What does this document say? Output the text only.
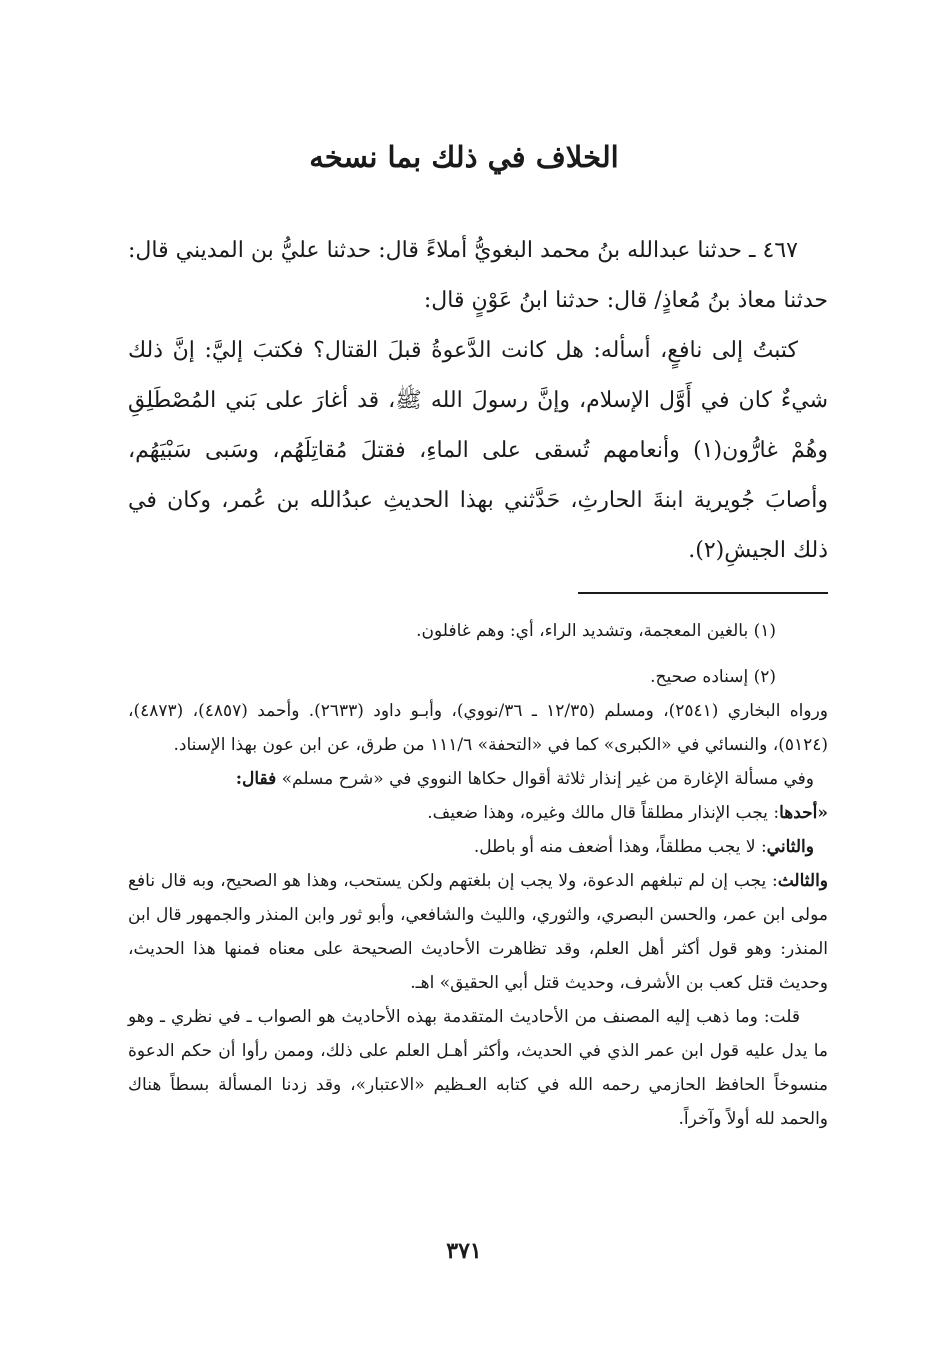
الخلاف في ذلك بما نسخه

٤٦٧ ـ حدثنا عبدالله بنُ محمد البغويُّ أملاءً قال: حدثنا عليُّ بن المديني قال: حدثنا معاذ بنُ مُعاذٍ/ قال: حدثنا ابنُ عَوْنٍ قال:

كتبتُ إلى نافعٍ، أسأله: هل كانت الدَّعوةُ قبلَ القتال؟ فكتبَ إليَّ: إنَّ ذلك شيءٌ كان في أَوَّل الإسلام، وإنَّ رسولَ الله ﷺ، قد أغارَ على بَني المُصْطَلِقِ وهُمْ غارُّون(١) وأنعامهم تُسقى على الماءِ، فقتلَ مُقاتِلَهُم، وسَبى سَبْيَهُم، وأصابَ جُويرية ابنةَ الحارثِ، حَدَّثني بهذا الحديثِ عبدُالله بن عُمر، وكان في ذلك الجيشِ(٢).

(١) بالغين المعجمة، وتشديد الراء، أي: وهم غافلون.

(٢) إسناده صحيح.

ورواه البخاري (٢٥٤١)، ومسلم (١٢/٣٥ ـ ٣٦/نووي)، وأبـو داود (٢٦٣٣). وأحمد (٤٨٥٧)، (٤٨٧٣)، (٥١٢٤)، والنسائي في «الكبرى» كما في «التحفة» ١١١/٦ من طرق، عن ابن عون بهذا الإسناد.

وفي مسألة الإغارة من غير إنذار ثلاثة أقوال حكاها النووي في «شرح مسلم» فقال:

«أحدها: يجب الإنذار مطلقاً قال مالك وغيره، وهذا ضعيف.

والثاني: لا يجب مطلقاً، وهذا أضعف منه أو باطل.

والثالث: يجب إن لم تبلغهم الدعوة، ولا يجب إن بلغتهم ولكن يستحب، وهذا هو الصحيح، وبه قال نافع مولى ابن عمر، والحسن البصري، والثوري، والليث والشافعي، وأبو ثور وابن المنذر والجمهور قال ابن المنذر: وهو قول أكثر أهل العلم، وقد تظاهرت الأحاديث الصحيحة على معناه فمنها هذا الحديث، وحديث قتل كعب بن الأشرف، وحديث قتل أبي الحقيق» اهـ.

قلت: وما ذهب إليه المصنف من الأحاديث المتقدمة بهذه الأحاديث هو الصواب ـ في نظري ـ وهو ما يدل عليه قول ابن عمر الذي في الحديث، وأكثر أهـل العلم على ذلك، وممن رأوا أن حكم الدعوة منسوخاً الحافظ الحازمي رحمه الله في كتابه العـظيم «الاعتبار»، وقد زدنا المسألة بسطاً هناك والحمد لله أولاً وآخراً.

٣٧١
